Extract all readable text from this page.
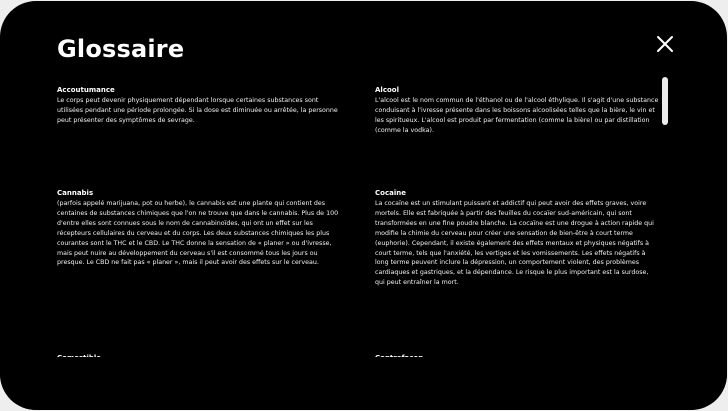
Glossaire

Accoutumance

Le corps peut devenir physiquement dépendant lorsque certaines substances sont utilisées pendant une période prolongée. Si la dose est diminuée ou arrêtée, la personne peut présenter des symptômes de sevrage.

Alcool

L'alcool est le nom commun de l'éthanol ou de l'alcool éthylique. Il s'agit d'une substance conduisant à l'ivresse présente dans les boissons alcoolisées telles que la bière, le vin et les spiritueux. L'alcool est produit par fermentation (comme la bière) ou par distillation (comme la vodka).

Cannabis

(parfois appelé marijuana, pot ou herbe), le cannabis est une plante qui contient des centaines de substances chimiques que l'on ne trouve que dans le cannabis. Plus de 100 d'entre elles sont connues sous le nom de cannabinoïdes, qui ont un effet sur les récepteurs cellulaires du cerveau et du corps. Les deux substances chimiques les plus courantes sont le THC et le CBD. Le THC donne la sensation de « planer » ou d'ivresse, mais peut nuire au développement du cerveau s'il est consommé tous les jours ou presque. Le CBD ne fait pas « planer », mais il peut avoir des effets sur le cerveau.

Cocaïne

La cocaïne est un stimulant puissant et addictif qui peut avoir des effets graves, voire mortels. Elle est fabriquée à partir des feuilles du cocaïer sud-américain, qui sont transformées en une fine poudre blanche. La cocaïne est une drogue à action rapide qui modifie la chimie du cerveau pour créer une sensation de bien-être à court terme (euphorie). Cependant, il existe également des effets mentaux et physiques négatifs à court terme, tels que l'anxiété, les vertiges et les vomissements. Les effets négatifs à long terme peuvent inclure la dépression, un comportement violent, des problèmes cardiaques et gastriques, et la dépendance. Le risque le plus important est la surdose, qui peut entraîner la mort.
